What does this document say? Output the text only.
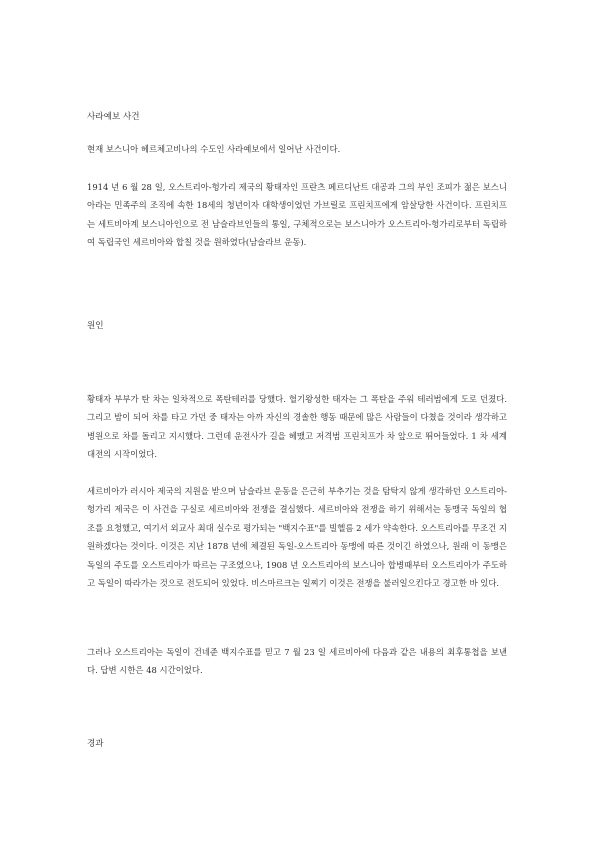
사라예보 사건

현재 보스니아 헤르체고비나의 수도인 사라예보에서 일어난 사건이다.

1914 년 6 월 28 일, 오스트리아-헝가리 제국의 황태자인 프란츠 페르디난트 대공과 그의 부인 조피가 젊은 보스니아라는 민족주의 조직에 속한 18세의 청년이자 대학생이었던 가브릴로 프린치프에게 암살당한 사건이다. 프린치프는 세트비아계 보스니아인으로 전 남슬라브인들의 통일, 구체적으로는 보스니아가 오스트리아-헝가리로부터 독립하여 독립국인 세르비아와 합칠 것을 원하였다(남슬라브 운동).

원인

황태자 부부가 탄 차는 일차적으로 폭탄테러를 당했다. 혈기왕성한 태자는 그 폭탄을 주워 테러범에게 도로 던졌다. 그리고 밤이 되어 차를 타고 가던 중 태자는 아까 자신의 경솔한 행동 때문에 많은 사람들이 다쳤을 것이라 생각하고 병원으로 차를 돌리고 지시했다. 그런데 운전사가 길을 헤맸고 저격범 프린치프가 차 앞으로 뛰어들었다. 1 차 세계대전의 시작이었다.

세르비아가 러시아 제국의 지원을 받으며 남슬라브 운동을 은근히 부추기는 것을 탐탁지 않게 생각하던 오스트리아-헝가리 제국은 이 사건을 구실로 세르비아와 전쟁을 결심했다. 세르비아와 전쟁을 하기 위해서는 동맹국 독일의 협조를 요청했고, 여기서 외교사 최대 실수로 평가되는 "백지수표"를 빌헬름 2 세가 약속한다. 오스트리아를 무조건 지원하겠다는 것이다. 이것은 지난 1878 년에 체결된 독일-오스트리아 동맹에 따른 것이긴 하였으나, 원래 이 동맹은 독일의 주도를 오스트리아가 따르는 구조였으나, 1908 년 오스트리아의 보스니아 합병때부터 오스트리아가 주도하고 독일이 따라가는 것으로 전도되어 있었다. 비스마르크는 일찌기 이것은 전쟁을 불러일으킨다고 경고한 바 있다.

그러나 오스트리아는 독일이 건네준 백지수표를 믿고 7 월 23 일 세르비아에 다음과 같은 내용의 최후통첩을 보낸다. 답변 시한은 48 시간이었다.

경과
